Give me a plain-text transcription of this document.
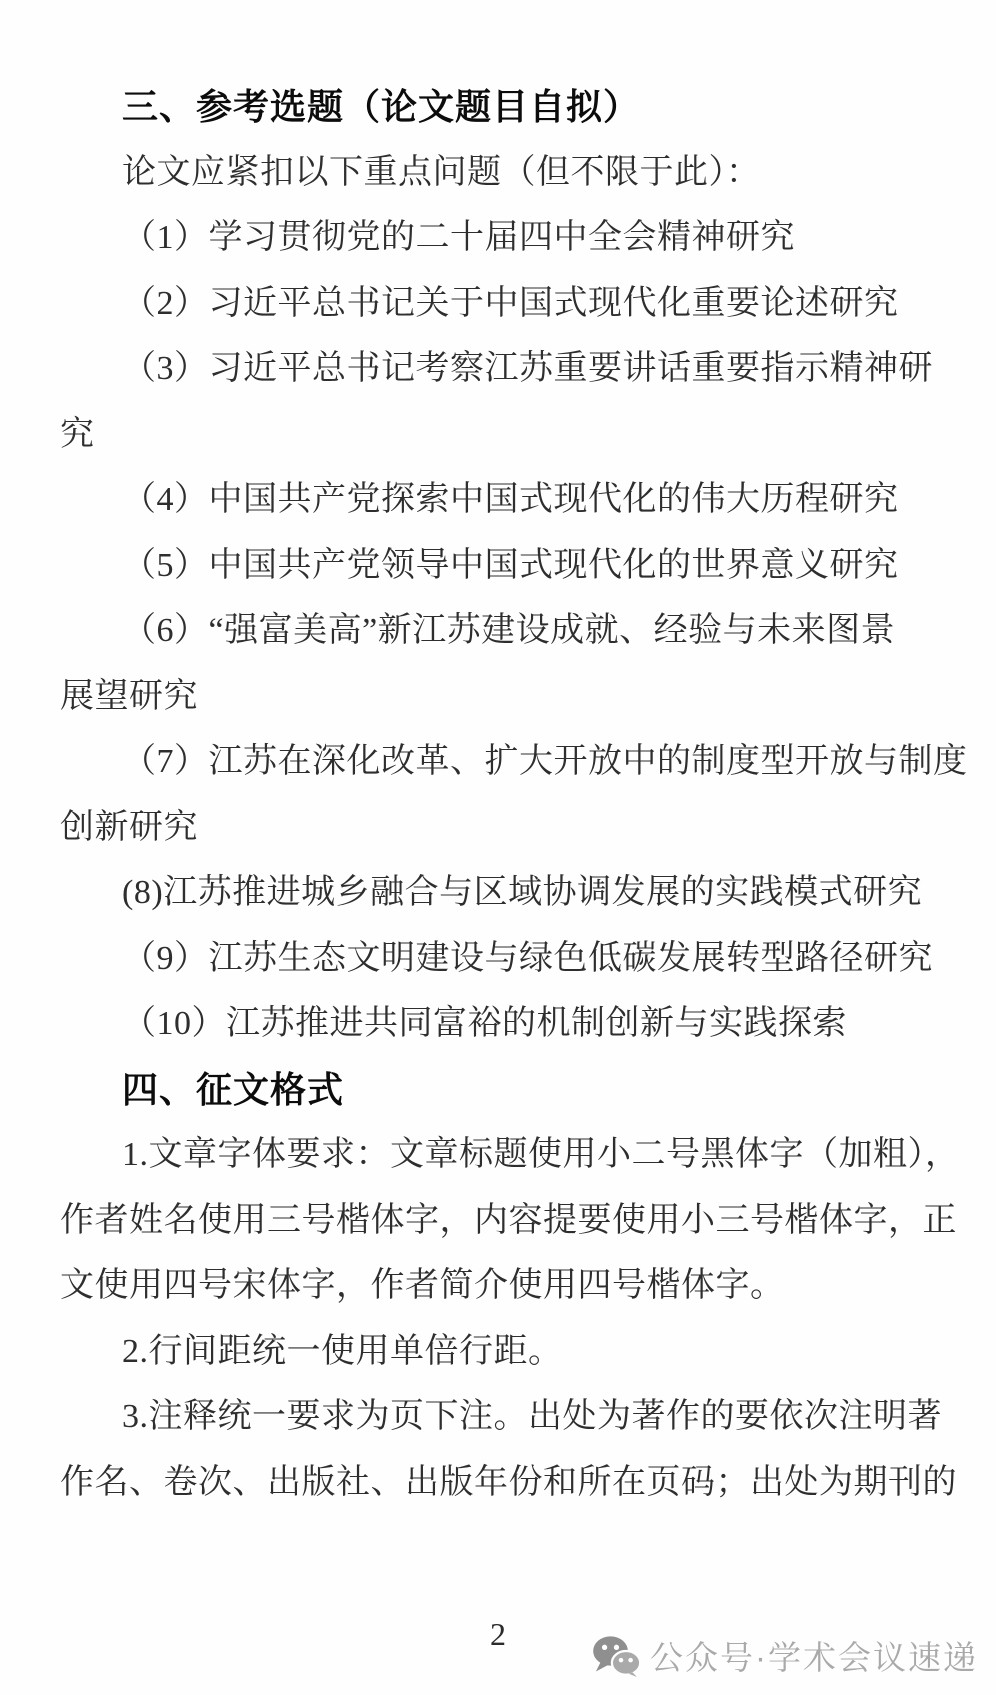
三、参考选题（论文题目自拟）
论文应紧扣以下重点问题（但不限于此）：
（1）学习贯彻党的二十届四中全会精神研究
（2）习近平总书记关于中国式现代化重要论述研究
（3）习近平总书记考察江苏重要讲话重要指示精神研
究
（4）中国共产党探索中国式现代化的伟大历程研究
（5）中国共产党领导中国式现代化的世界意义研究
（6）“强富美高”新江苏建设成就、经验与未来图景
展望研究
（7）江苏在深化改革、扩大开放中的制度型开放与制度
创新研究
(8)江苏推进城乡融合与区域协调发展的实践模式研究
（9）江苏生态文明建设与绿色低碳发展转型路径研究
（10）江苏推进共同富裕的机制创新与实践探索
四、征文格式
1.文章字体要求：文章标题使用小二号黑体字（加粗），
作者姓名使用三号楷体字，内容提要使用小三号楷体字，正
文使用四号宋体字，作者简介使用四号楷体字。
2.行间距统一使用单倍行距。
3.注释统一要求为页下注。出处为著作的要依次注明著
作名、卷次、出版社、出版年份和所在页码；出处为期刊的
2
公众号·学术会议速递
